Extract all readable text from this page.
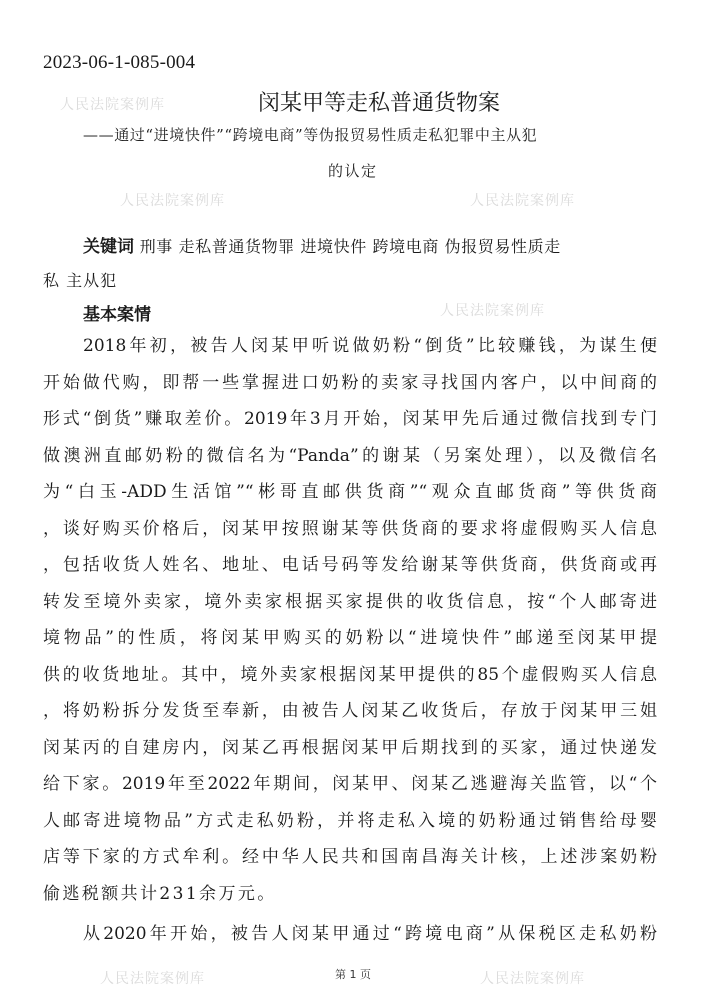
人民法院案例库
人民法院案例库	人民法院案例库
人民法院案例库
人民法院案例库	人民法院案例库
2023-06-1-085-004
闵某甲等走私普通货物案
——通过“进境快件”“跨境电商”等伪报贸易性质走私犯罪中主从犯
的认定
关键词 刑事 走私普通货物罪 进境快件 跨境电商 伪报贸易性质走
私 主从犯
基本案情
2018年初，被告人闵某甲听说做奶粉“倒货”比较赚钱，为谋生便
开始做代购，即帮一些掌握进口奶粉的卖家寻找国内客户，以中间商的
形式“倒货”赚取差价。2019年3月开始，闵某甲先后通过微信找到专门
做澳洲直邮奶粉的微信名为“Panda”的谢某（另案处理），以及微信名
为“白玉-ADD生活馆”“彬哥直邮供货商”“观众直邮货商”等供货商
，谈好购买价格后，闵某甲按照谢某等供货商的要求将虚假购买人信息
，包括收货人姓名、地址、电话号码等发给谢某等供货商，供货商或再
转发至境外卖家，境外卖家根据买家提供的收货信息，按“个人邮寄进
境物品”的性质，将闵某甲购买的奶粉以“进境快件”邮递至闵某甲提
供的收货地址。其中，境外卖家根据闵某甲提供的85个虚假购买人信息
，将奶粉拆分发货至奉新，由被告人闵某乙收货后，存放于闵某甲三姐
闵某丙的自建房内，闵某乙再根据闵某甲后期找到的买家，通过快递发
给下家。2019年至2022年期间，闵某甲、闵某乙逃避海关监管，以“个
人邮寄进境物品”方式走私奶粉，并将走私入境的奶粉通过销售给母婴
店等下家的方式牟利。经中华人民共和国南昌海关计核，上述涉案奶粉
偷逃税额共计231余万元。
从2020年开始，被告人闵某甲通过“跨境电商”从保税区走私奶粉
第 1 页
